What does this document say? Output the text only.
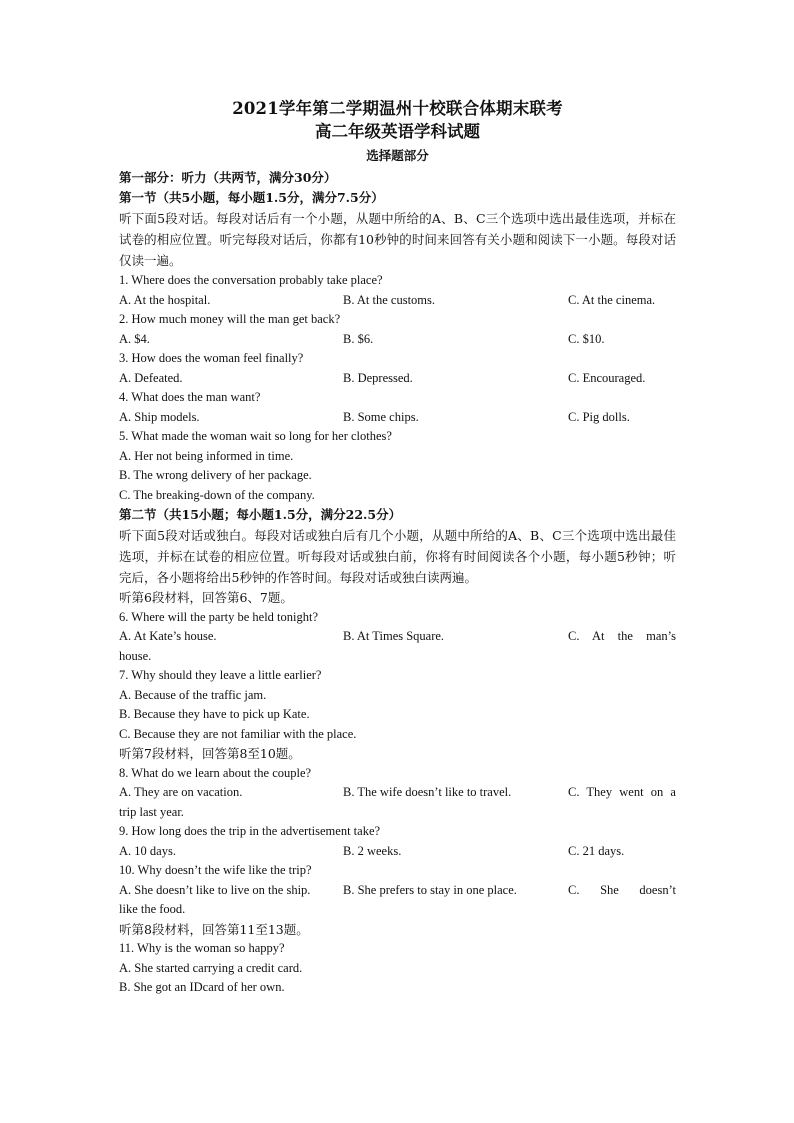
2021学年第二学期温州十校联合体期末联考

高二年级英语学科试题

选择题部分

第一部分：听力（共两节，满分30分）

第一节（共5小题，每小题1.5分，满分7.5分）

听下面5段对话。每段对话后有一个小题，从题中所给的A、B、C三个选项中选出最佳选项，并标在试卷的相应位置。听完每段对话后，你都有10秒钟的时间来回答有关小题和阅读下一小题。每段对话仅读一遍。

1. Where does the conversation probably take place?

A. At the hospital.	B. At the customs.	C. At the cinema.

2. How much money will the man get back?

A. $4.	B. $6.	C. $10.

3. How does the woman feel finally?

A. Defeated.	B. Depressed.	C. Encouraged.

4. What does the man want?

A. Ship models.	B. Some chips.	C. Pig dolls.

5. What made the woman wait so long for her clothes?

A. Her not being informed in time.

B. The wrong delivery of her package.

C. The breaking-down of the company.

第二节（共15小题；每小题1.5分，满分22.5分）

听下面5段对话或独白。每段对话或独白后有几个小题，从题中所给的A、B、C三个选项中选出最佳选项，并标在试卷的相应位置。听每段对话或独白前，你将有时间阅读各个小题，每小题5秒钟；听完后，各小题将给出5秒钟的作答时间。每段对话或独白读两遍。

听第6段材料，回答第6、7题。

6. Where will the party be held tonight?

A. At Kate’s house.	B. At Times Square.	C. At the man’s
house.

7. Why should they leave a little earlier?

A. Because of the traffic jam.

B. Because they have to pick up Kate.

C. Because they are not familiar with the place.

听第7段材料，回答第8至10题。

8. What do we learn about the couple?

A. They are on vacation.	B. The wife doesn’t like to travel.	C. They went on a
trip last year.

9. How long does the trip in the advertisement take?

A. 10 days.	B. 2 weeks.	C. 21 days.

10. Why doesn’t the wife like the trip?

A. She doesn’t like to live on the ship.	B. She prefers to stay in one place.	C. She doesn’t
like the food.

听第8段材料，回答第11至13题。

11. Why is the woman so happy?

A. She started carrying a credit card.

B. She got an IDcard of her own.
